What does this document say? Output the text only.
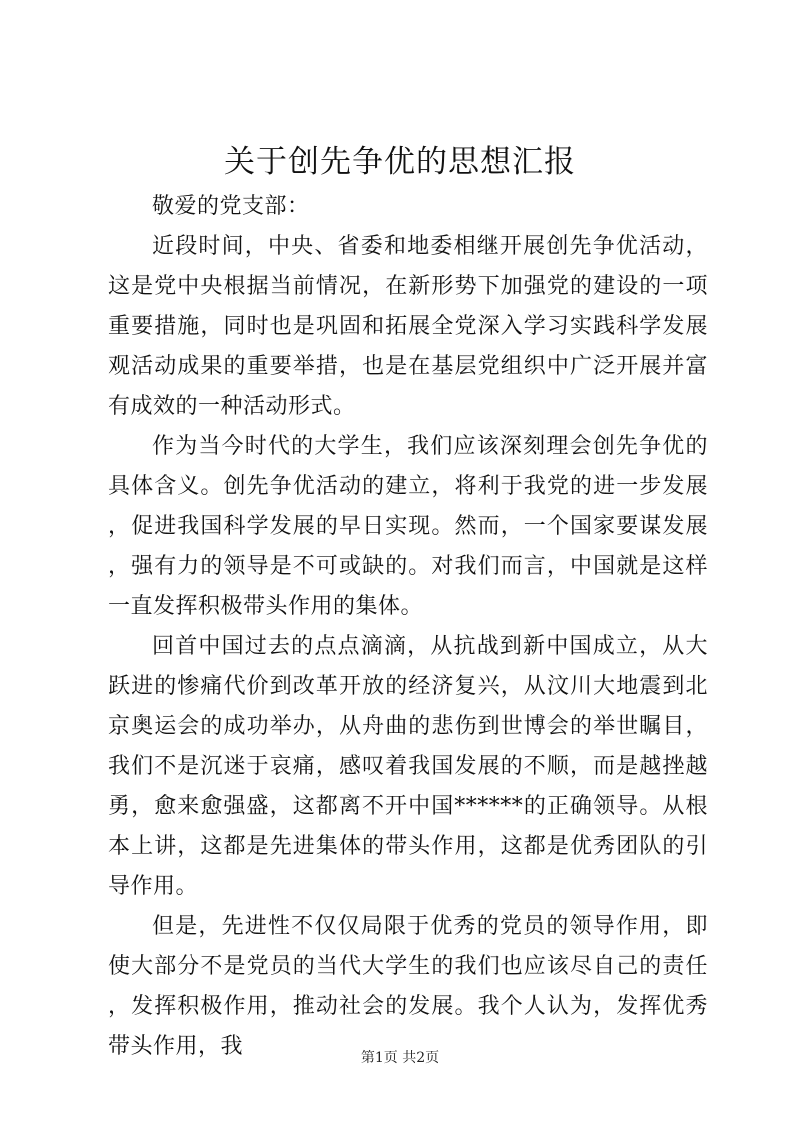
关于创先争优的思想汇报

敬爱的党支部：

近段时间，中央、省委和地委相继开展创先争优活动，这是党中央根据当前情况，在新形势下加强党的建设的一项重要措施，同时也是巩固和拓展全党深入学习实践科学发展观活动成果的重要举措，也是在基层党组织中广泛开展并富有成效的一种活动形式。

作为当今时代的大学生，我们应该深刻理会创先争优的具体含义。创先争优活动的建立，将利于我党的进一步发展，促进我国科学发展的早日实现。然而，一个国家要谋发展，强有力的领导是不可或缺的。对我们而言，中国就是这样一直发挥积极带头作用的集体。

回首中国过去的点点滴滴，从抗战到新中国成立，从大跃进的惨痛代价到改革开放的经济复兴，从汶川大地震到北京奥运会的成功举办，从舟曲的悲伤到世博会的举世瞩目，我们不是沉迷于哀痛，感叹着我国发展的不顺，而是越挫越勇，愈来愈强盛，这都离不开中国******的正确领导。从根本上讲，这都是先进集体的带头作用，这都是优秀团队的引导作用。

但是，先进性不仅仅局限于优秀的党员的领导作用，即使大部分不是党员的当代大学生的我们也应该尽自己的责任，发挥积极作用，推动社会的发展。我个人认为，发挥优秀带头作用，我	第1页 共2页
